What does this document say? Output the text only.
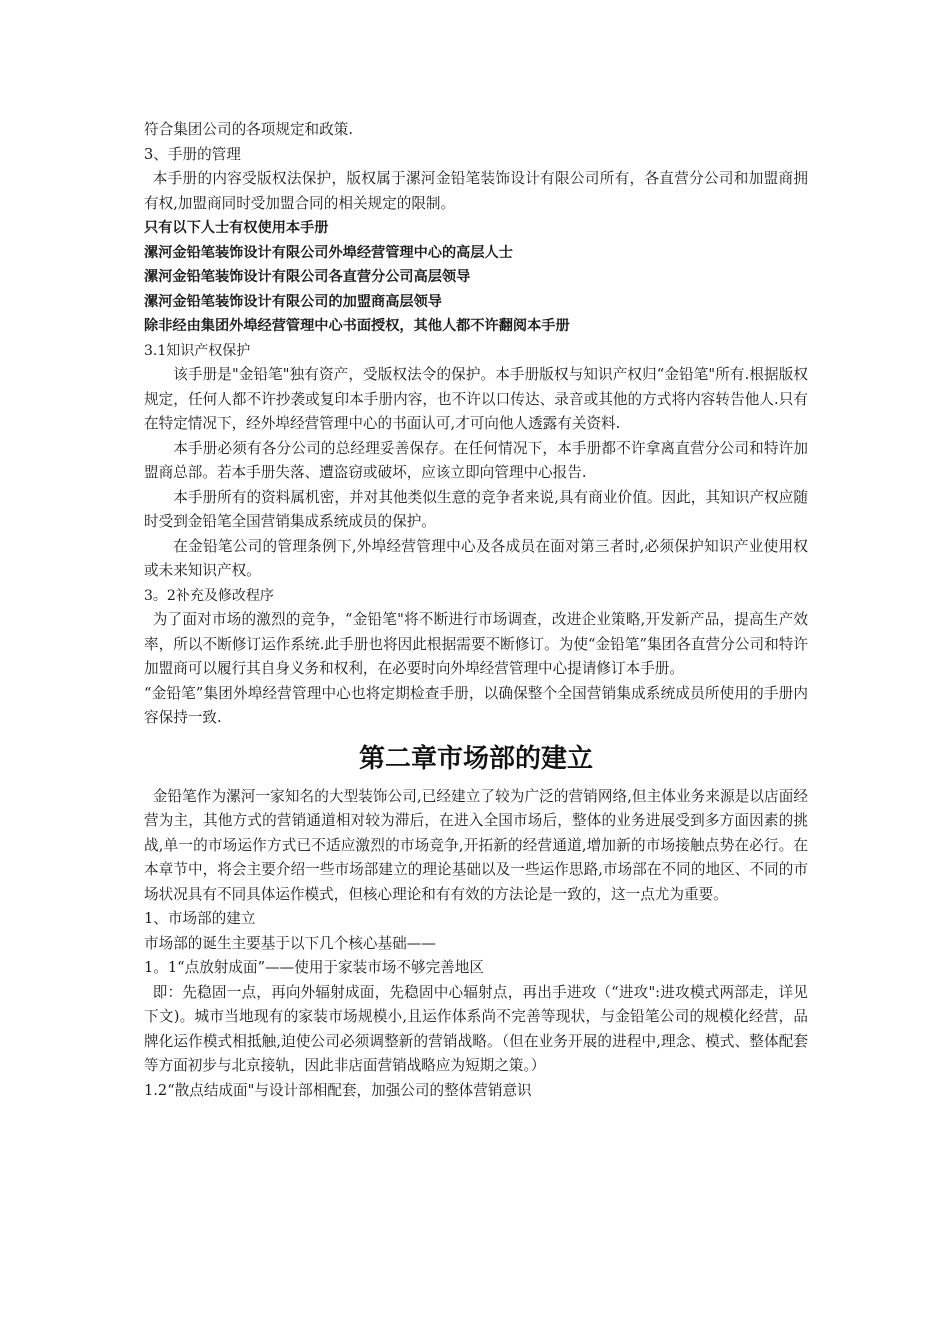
符合集团公司的各项规定和政策.

3、手册的管理

本手册的内容受版权法保护，版权属于漯河金铅笔装饰设计有限公司所有，各直营分公司和加盟商拥有权,加盟商同时受加盟合同的相关规定的限制。

只有以下人士有权使用本手册

漯河金铅笔装饰设计有限公司外埠经营管理中心的高层人士

漯河金铅笔装饰设计有限公司各直营分公司高层领导

漯河金铅笔装饰设计有限公司的加盟商高层领导

除非经由集团外埠经营管理中心书面授权，其他人都不许翻阅本手册

3.1知识产权保护

该手册是"金铅笔"独有资产，受版权法令的保护。本手册版权与知识产权归“金铅笔"所有.根据版权规定，任何人都不许抄袭或复印本手册内容，也不许以口传达、录音或其他的方式将内容转告他人.只有在特定情况下，经外埠经营管理中心的书面认可,才可向他人透露有关资料.

本手册必须有各分公司的总经理妥善保存。在任何情况下，本手册都不许拿离直营分公司和特许加盟商总部。若本手册失落、遭盗窃或破坏，应该立即向管理中心报告.

本手册所有的资料属机密，并对其他类似生意的竞争者来说,具有商业价值。因此，其知识产权应随时受到金铅笔全国营销集成系统成员的保护。

在金铅笔公司的管理条例下,外埠经营管理中心及各成员在面对第三者时,必须保护知识产业使用权或未来知识产权。

3。2补充及修改程序

为了面对市场的激烈的竞争，“金铅笔"将不断进行市场调查，改进企业策略,开发新产品，提高生产效率，所以不断修订运作系统.此手册也将因此根据需要不断修订。为使“金铅笔”集团各直营分公司和特许加盟商可以履行其自身义务和权利，在必要时向外埠经营管理中心提请修订本手册。

“金铅笔”集团外埠经营管理中心也将定期检查手册，以确保整个全国营销集成系统成员所使用的手册内容保持一致.

第二章市场部的建立

金铅笔作为漯河一家知名的大型装饰公司,已经建立了较为广泛的营销网络,但主体业务来源是以店面经营为主，其他方式的营销通道相对较为滞后，在进入全国市场后，整体的业务进展受到多方面因素的挑战,单一的市场运作方式已不适应激烈的市场竞争,开拓新的经营通道,增加新的市场接触点势在必行。在本章节中，将会主要介绍一些市场部建立的理论基础以及一些运作思路,市场部在不同的地区、不同的市场状况具有不同具体运作模式，但核心理论和有有效的方法论是一致的，这一点尤为重要。

1、市场部的建立

市场部的诞生主要基于以下几个核心基础——

1。1“点放射成面”——使用于家装市场不够完善地区

即：先稳固一点，再向外辐射成面，先稳固中心辐射点，再出手进攻（“进攻":进攻模式两部走，详见下文)。城市当地现有的家装市场规模小,且运作体系尚不完善等现状，与金铅笔公司的规模化经营，品牌化运作模式相抵触,迫使公司必须调整新的营销战略。（但在业务开展的进程中,理念、模式、整体配套等方面初步与北京接轨，因此非店面营销战略应为短期之策。）

1.2“散点结成面"与设计部相配套，加强公司的整体营销意识
